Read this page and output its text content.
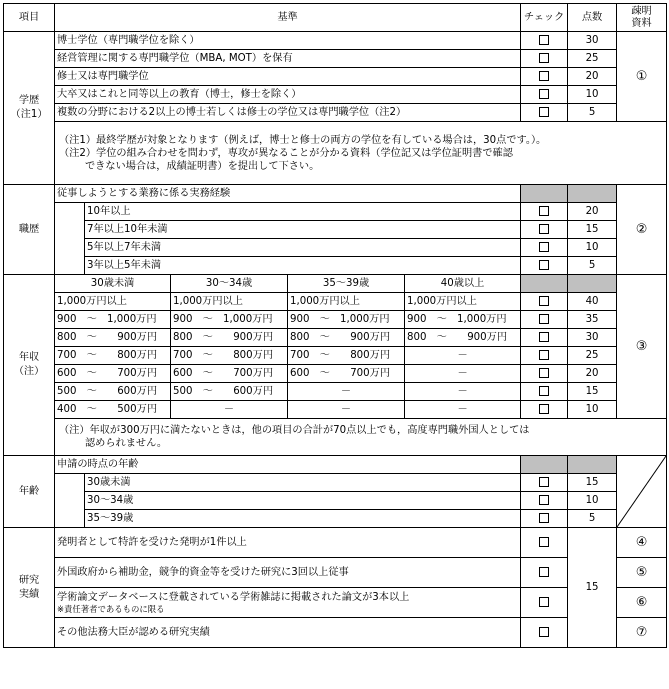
項目	基準					チェック	点数	疎明
資料
学歴
（注1）	博士学位（専門職学位を除く）						30	①
	経営管理に関する専門職学位（MBA, MOT）を保有						25	
	修士又は専門職学位						20	
	大卒又はこれと同等以上の教育（博士，修士を除く）						10	
	複数の分野における2以上の博士若しくは修士の学位又は専門職学位（注2）						5	

	（注1）最終学歴が対象となります（例えば，博士と修士の両方の学位を有している場合は，30点です。）。
（注2）学位の組み合わせを問わず，専攻が異なることが分かる資料（学位記又は学位証明書で確認
できない場合は，成績証明書）を提出して下さい。							

職歴	従事しようとする業務に係る実務経験							②
		10年以上					20	
		7年以上10年未満					15	
		5年以上7年未満					10	
		3年以上5年未満					5	
年収
（注）	30歳未満		30～34歳	35～39歳	40歳以上			③
	1,000万円以上		1,000万円以上	1,000万円以上	1,000万円以上		40	
	900　～　1,000万円		900　～　1,000万円	900　～　1,000万円	900　～　1,000万円		35	
	800　～　　900万円		800　～　　900万円	800　～　　900万円	800　～　　900万円		30	
	700　～　　800万円		700　～　　800万円	700　～　　800万円	－		25	
	600　～　　700万円		600　～　　700万円	600　～　　700万円	－		20	
	500　～　　600万円		500　～　　600万円	－	－		15	
	400　～　　500万円		－	－	－		10	

	（注）年収が300万円に満たないときは，他の項目の合計が70点以上でも，高度専門職外国人としては
認められません。							

年齢	申請の時点の年齢			

		30歳未満					15	
		30～34歳					10	
		35～39歳					5	
研究
実績	発明者として特許を受けた発明が1件以上						15	④
	外国政府から補助金，競争的資金等を受けた研究に3回以上従事							⑤

	学術論文データベースに登載されている学術雑誌に掲載された論文が3本以上
※責任著者であるものに限る							⑥
	その他法務大臣が認める研究実績							⑦
